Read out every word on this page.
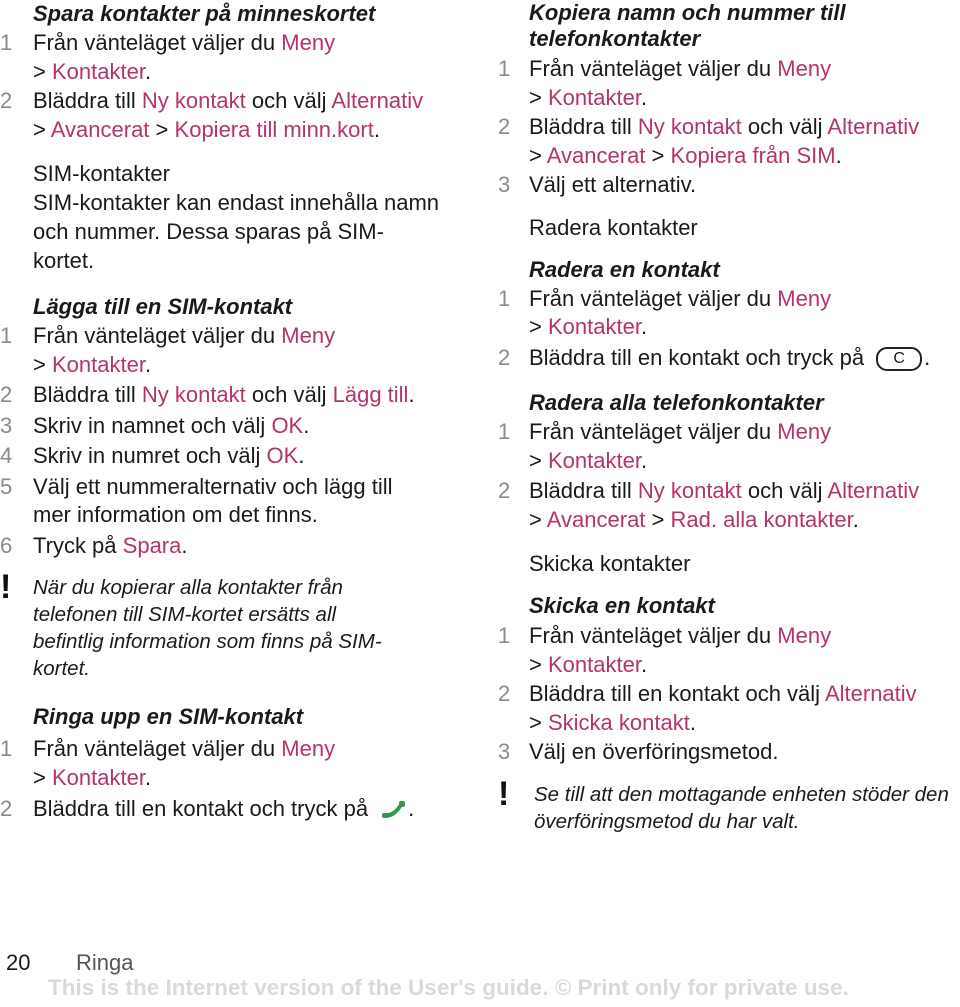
Spara kontakter på minneskortet

1 Från vänteläget väljer du Meny
> Kontakter.
2 Bläddra till Ny kontakt och välj Alternativ
> Avancerat > Kopiera till minn.kort.

SIM-kontakter

SIM-kontakter kan endast innehålla namn och nummer. Dessa sparas på SIM-kortet.

Lägga till en SIM-kontakt

1 Från vänteläget väljer du Meny
> Kontakter.
2 Bläddra till Ny kontakt och välj Lägg till.
3 Skriv in namnet och välj OK.
4 Skriv in numret och välj OK.
5 Välj ett nummeralternativ och lägg till mer information om det finns.
6 Tryck på Spara.
!	När du kopierar alla kontakter från telefonen till SIM-kortet ersätts all befintlig information som finns på SIM-kortet.

Ringa upp en SIM-kontakt

1 Från vänteläget väljer du Meny
> Kontakter.
2 Bläddra till en kontakt och tryck på .

Kopiera namn och nummer till telefonkontakter

1 Från vänteläget väljer du Meny
> Kontakter.
2 Bläddra till Ny kontakt och välj Alternativ
> Avancerat > Kopiera från SIM.
3 Välj ett alternativ.

Radera kontakter

Radera en kontakt

1 Från vänteläget väljer du Meny
> Kontakter.
2 Bläddra till en kontakt och tryck på C .

Radera alla telefonkontakter

1 Från vänteläget väljer du Meny
> Kontakter.
2 Bläddra till Ny kontakt och välj Alternativ
> Avancerat > Rad. alla kontakter.

Skicka kontakter

Skicka en kontakt

1 Från vänteläget väljer du Meny
> Kontakter.
2 Bläddra till en kontakt och välj Alternativ
> Skicka kontakt.
3 Välj en överföringsmetod.
!	Se till att den mottagande enheten stöder den överföringsmetod du har valt.
20 Ringa
This is the Internet version of the User's guide. © Print only for private use.
